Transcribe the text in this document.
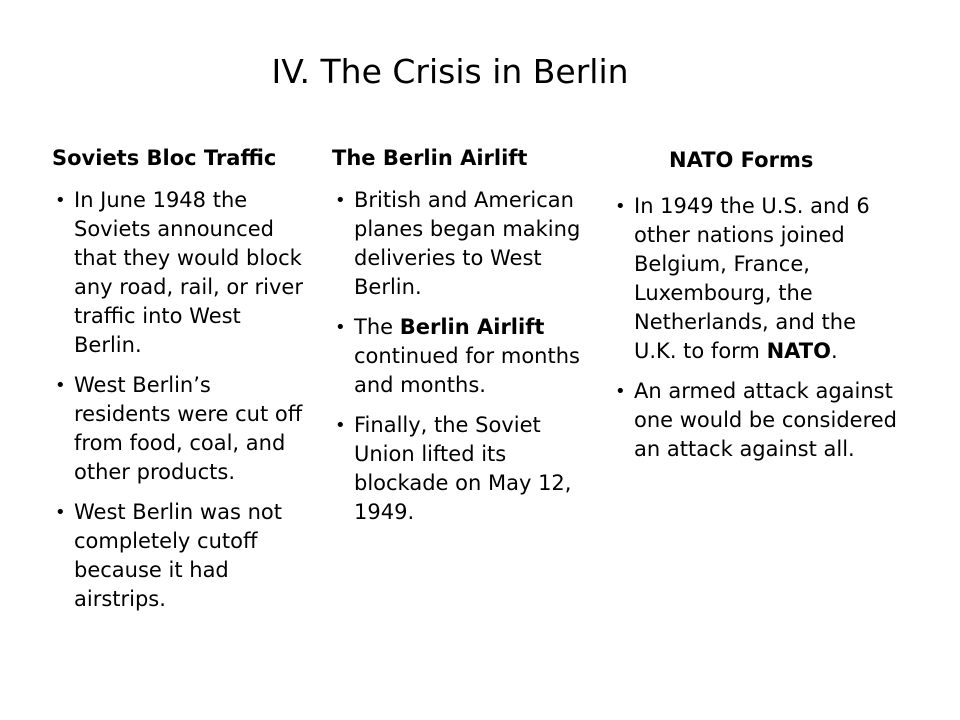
IV. The Crisis in Berlin
Soviets Bloc Traffic
• In June 1948 the Soviets announced that they would block any road, rail, or river traffic into West Berlin.
• West Berlin’s residents were cut off from food, coal, and other products.
• West Berlin was not completely cutoff because it had airstrips.
The Berlin Airlift
• British and American planes began making deliveries to West Berlin.
• The Berlin Airlift continued for months and months.
• Finally, the Soviet Union lifted its blockade on May 12, 1949.
NATO Forms
• In 1949 the U.S. and 6 other nations joined Belgium, France, Luxembourg, the Netherlands, and the U.K. to form NATO.
• An armed attack against one would be considered an attack against all.
